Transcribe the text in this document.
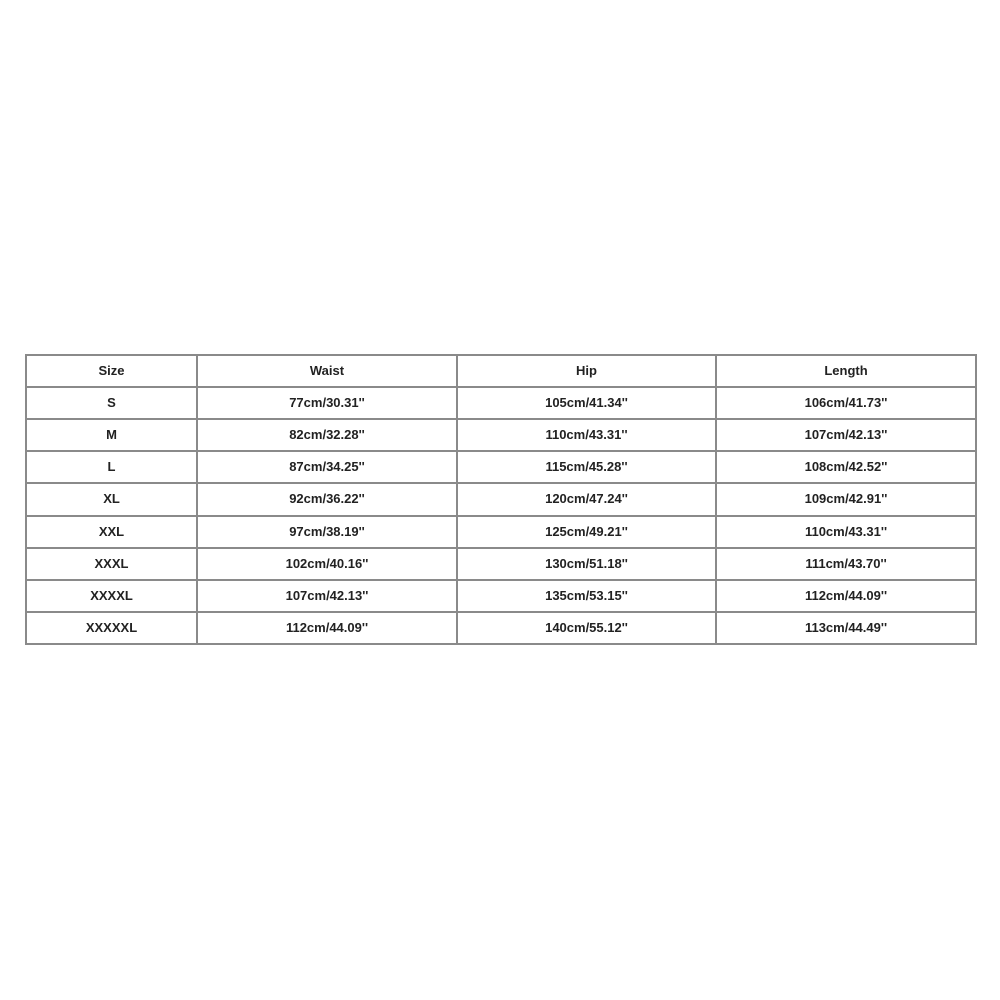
Size	Waist	Hip	Length
S	77cm/30.31''	105cm/41.34''	106cm/41.73''
M	82cm/32.28''	110cm/43.31''	107cm/42.13''
L	87cm/34.25''	115cm/45.28''	108cm/42.52''
XL	92cm/36.22''	120cm/47.24''	109cm/42.91''
XXL	97cm/38.19''	125cm/49.21''	110cm/43.31''
XXXL	102cm/40.16''	130cm/51.18''	111cm/43.70''
XXXXL	107cm/42.13''	135cm/53.15''	112cm/44.09''
XXXXXL	112cm/44.09''	140cm/55.12''	113cm/44.49''
